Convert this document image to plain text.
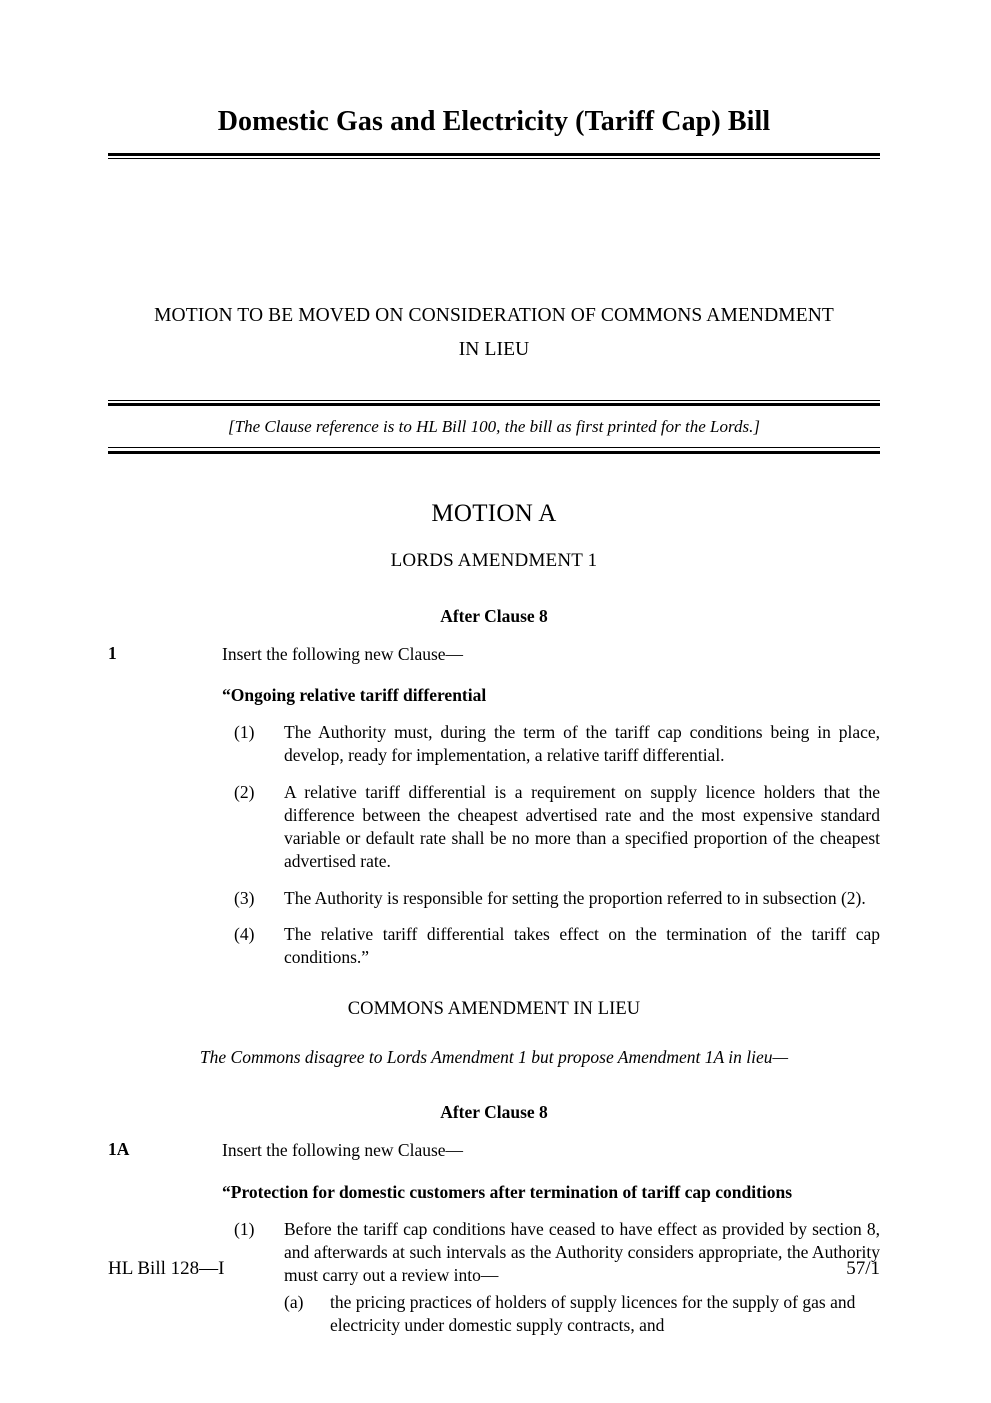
Domestic Gas and Electricity (Tariff Cap) Bill
MOTION TO BE MOVED ON CONSIDERATION OF COMMONS AMENDMENT
IN LIEU
[The Clause reference is to HL Bill 100, the bill as first printed for the Lords.]
MOTION A
LORDS AMENDMENT 1
After Clause 8
1	Insert the following new Clause—
“Ongoing relative tariff differential
(1)	The Authority must, during the term of the tariff cap conditions being in place, develop, ready for implementation, a relative tariff differential.
(2)	A relative tariff differential is a requirement on supply licence holders that the difference between the cheapest advertised rate and the most expensive standard variable or default rate shall be no more than a specified proportion of the cheapest advertised rate.
(3)	The Authority is responsible for setting the proportion referred to in subsection (2).
(4)	The relative tariff differential takes effect on the termination of the tariff cap conditions.”
COMMONS AMENDMENT IN LIEU
The Commons disagree to Lords Amendment 1 but propose Amendment 1A in lieu—
After Clause 8
1A	Insert the following new Clause—
“Protection for domestic customers after termination of tariff cap conditions
(1)	Before the tariff cap conditions have ceased to have effect as provided by section 8, and afterwards at such intervals as the Authority considers appropriate, the Authority must carry out a review into—
(a)	the pricing practices of holders of supply licences for the supply of gas and electricity under domestic supply contracts, and
HL Bill 128—I	57/1
